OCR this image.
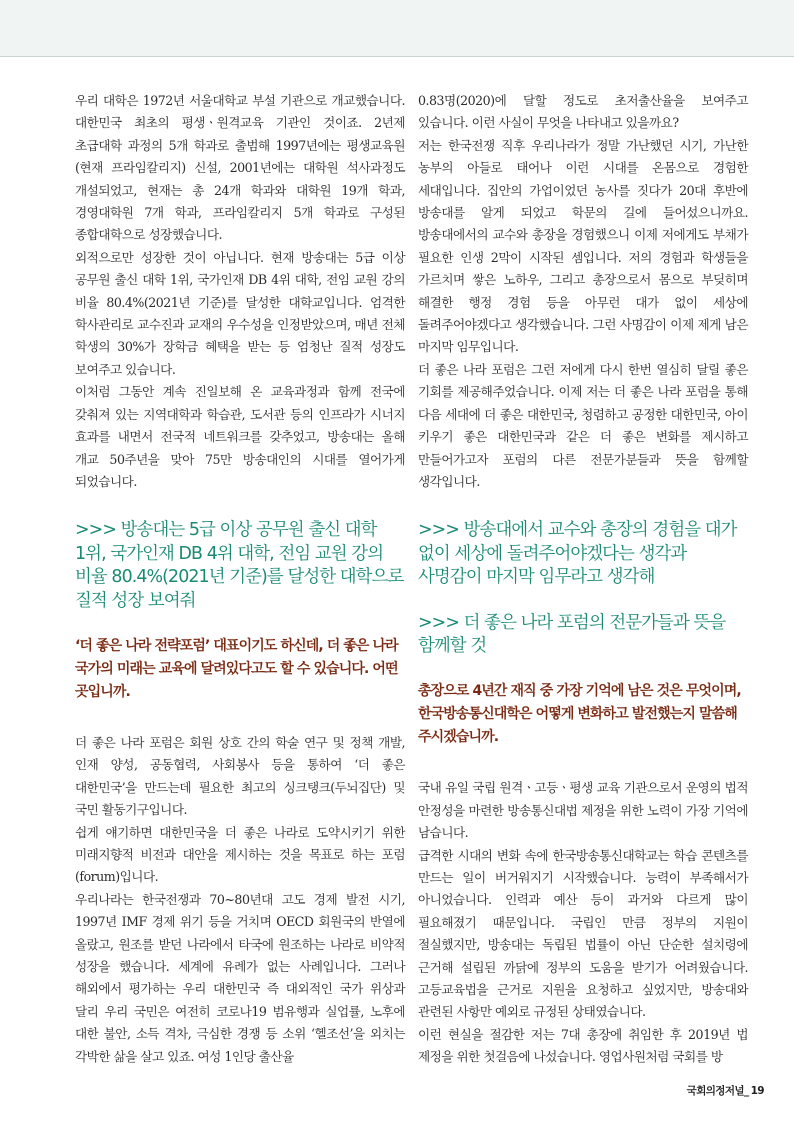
우리 대학은 1972년 서울대학교 부설 기관으로 개교했습니다. 대한민국 최초의 평생ㆍ원격교육 기관인 것이죠. 2년제 초급대학 과정의 5개 학과로 출범해 1997년에는 평생교육원(현재 프라임칼리지) 신설, 2001년에는 대학원 석사과정도 개설되었고, 현재는 총 24개 학과와 대학원 19개 학과, 경영대학원 7개 학과, 프라임칼리지 5개 학과로 구성된 종합대학으로 성장했습니다.

외적으로만 성장한 것이 아닙니다. 현재 방송대는 5급 이상 공무원 출신 대학 1위, 국가인재 DB 4위 대학, 전임 교원 강의 비율 80.4%(2021년 기준)를 달성한 대학교입니다. 엄격한 학사관리로 교수진과 교재의 우수성을 인정받았으며, 매년 전체 학생의 30%가 장학금 혜택을 받는 등 엄청난 질적 성장도 보여주고 있습니다.

이처럼 그동안 계속 진일보해 온 교육과정과 함께 전국에 갖춰져 있는 지역대학과 학습관, 도서관 등의 인프라가 시너지 효과를 내면서 전국적 네트워크를 갖추었고, 방송대는 올해 개교 50주년을 맞아 75만 방송대인의 시대를 열어가게 되었습니다.

>>> 방송대는 5급 이상 공무원 출신 대학 1위, 국가인재 DB 4위 대학, 전임 교원 강의 비율 80.4%(2021년 기준)를 달성한 대학으로 질적 성장 보여줘

‘더 좋은 나라 전략포럼’ 대표이기도 하신데, 더 좋은 나라 국가의 미래는 교육에 달려있다고도 할 수 있습니다. 어떤 곳입니까.

더 좋은 나라 포럼은 회원 상호 간의 학술 연구 및 정책 개발, 인재 양성, 공동협력, 사회봉사 등을 통하여 ‘더 좋은 대한민국’을 만드는데 필요한 최고의 싱크탱크(두뇌집단) 및 국민 활동기구입니다.

쉽게 얘기하면 대한민국을 더 좋은 나라로 도약시키기 위한 미래지향적 비전과 대안을 제시하는 것을 목표로 하는 포럼(forum)입니다.

우리나라는 한국전쟁과 70~80년대 고도 경제 발전 시기, 1997년 IMF 경제 위기 등을 거치며 OECD 회원국의 반열에 올랐고, 원조를 받던 나라에서 타국에 원조하는 나라로 비약적 성장을 했습니다. 세계에 유례가 없는 사례입니다. 그러나 해외에서 평가하는 우리 대한민국 즉 대외적인 국가 위상과 달리 우리 국민은 여전히 코로나19 범유행과 실업률, 노후에 대한 불안, 소득 격차, 극심한 경쟁 등 소위 ‘헬조선’을 외치는 각박한 삶을 살고 있죠. 여성 1인당 출산율

0.83명(2020)에 달할 정도로 초저출산율을 보여주고 있습니다. 이런 사실이 무엇을 나타내고 있을까요?

저는 한국전쟁 직후 우리나라가 정말 가난했던 시기, 가난한 농부의 아들로 태어나 이런 시대를 온몸으로 경험한 세대입니다. 집안의 가업이었던 농사를 짓다가 20대 후반에 방송대를 알게 되었고 학문의 길에 들어섰으니까요. 방송대에서의 교수와 총장을 경험했으니 이제 저에게도 부채가 필요한 인생 2막이 시작된 셈입니다. 저의 경험과 학생들을 가르치며 쌓은 노하우, 그리고 총장으로서 몸으로 부딪히며 해결한 행정 경험 등을 아무런 대가 없이 세상에 돌려주어야겠다고 생각했습니다. 그런 사명감이 이제 제게 남은 마지막 임무입니다.

더 좋은 나라 포럼은 그런 저에게 다시 한번 열심히 달릴 좋은 기회를 제공해주었습니다. 이제 저는 더 좋은 나라 포럼을 통해 다음 세대에 더 좋은 대한민국, 청렴하고 공정한 대한민국, 아이 키우기 좋은 대한민국과 같은 더 좋은 변화를 제시하고 만들어가고자 포럼의 다른 전문가분들과 뜻을 함께할 생각입니다.

>>> 방송대에서 교수와 총장의 경험을 대가 없이 세상에 돌려주어야겠다는 생각과 사명감이 마지막 임무라고 생각해

>>> 더 좋은 나라 포럼의 전문가들과 뜻을 함께할 것

총장으로 4년간 재직 중 가장 기억에 남은 것은 무엇이며, 한국방송통신대학은 어떻게 변화하고 발전했는지 말씀해 주시겠습니까.

국내 유일 국립 원격ㆍ고등ㆍ평생 교육 기관으로서 운영의 법적 안정성을 마련한 방송통신대법 제정을 위한 노력이 가장 기억에 남습니다.

급격한 시대의 변화 속에 한국방송통신대학교는 학습 콘텐츠를 만드는 일이 버거워지기 시작했습니다. 능력이 부족해서가 아니었습니다. 인력과 예산 등이 과거와 다르게 많이 필요해졌기 때문입니다. 국립인 만큼 정부의 지원이 절실했지만, 방송대는 독립된 법률이 아닌 단순한 설치령에 근거해 설립된 까닭에 정부의 도움을 받기가 어려웠습니다. 고등교육법을 근거로 지원을 요청하고 싶었지만, 방송대와 관련된 사항만 예외로 규정된 상태였습니다.

이런 현실을 절감한 저는 7대 총장에 취임한 후 2019년 법 제정을 위한 첫걸음에 나섰습니다. 영업사원처럼 국회를 방

국회의정저널_ 19
